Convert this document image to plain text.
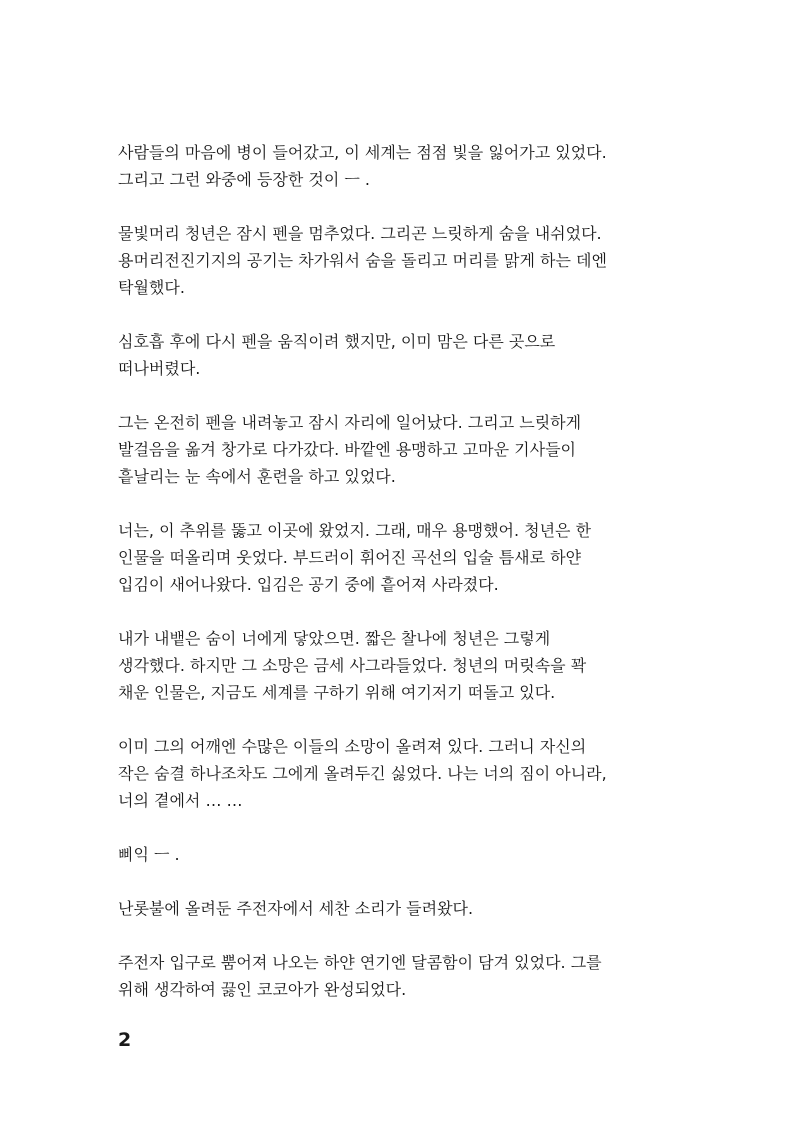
사람들의 마음에 병이 들어갔고, 이 세계는 점점 빛을 잃어가고 있었다.
그리고 그런 와중에 등장한 것이 ㅡ .

물빛머리 청년은 잠시 펜을 멈추었다. 그리곤 느릿하게 숨을 내쉬었다.
용머리전진기지의 공기는 차가워서 숨을 돌리고 머리를 맑게 하는 데엔
탁월했다.

심호흡 후에 다시 펜을 움직이려 했지만, 이미 맘은 다른 곳으로
떠나버렸다.

그는 온전히 펜을 내려놓고 잠시 자리에 일어났다. 그리고 느릿하게
발걸음을 옮겨 창가로 다가갔다. 바깥엔 용맹하고 고마운 기사들이
흩날리는 눈 속에서 훈련을 하고 있었다.

너는, 이 추위를 뚫고 이곳에 왔었지. 그래, 매우 용맹했어. 청년은 한
인물을 떠올리며 웃었다. 부드러이 휘어진 곡선의 입술 틈새로 하얀
입김이 새어나왔다. 입김은 공기 중에 흩어져 사라졌다.

내가 내뱉은 숨이 너에게 닿았으면. 짧은 찰나에 청년은 그렇게
생각했다. 하지만 그 소망은 금세 사그라들었다. 청년의 머릿속을 꽉
채운 인물은, 지금도 세계를 구하기 위해 여기저기 떠돌고 있다.

이미 그의 어깨엔 수많은 이들의 소망이 올려져 있다. 그러니 자신의
작은 숨결 하나조차도 그에게 올려두긴 싫었다. 나는 너의 짐이 아니라,
너의 곁에서 … …

삐익 ㅡ .

난롯불에 올려둔 주전자에서 세찬 소리가 들려왔다.

주전자 입구로 뿜어져 나오는 하얀 연기엔 달콤함이 담겨 있었다. 그를
위해 생각하여 끓인 코코아가 완성되었다.

2
